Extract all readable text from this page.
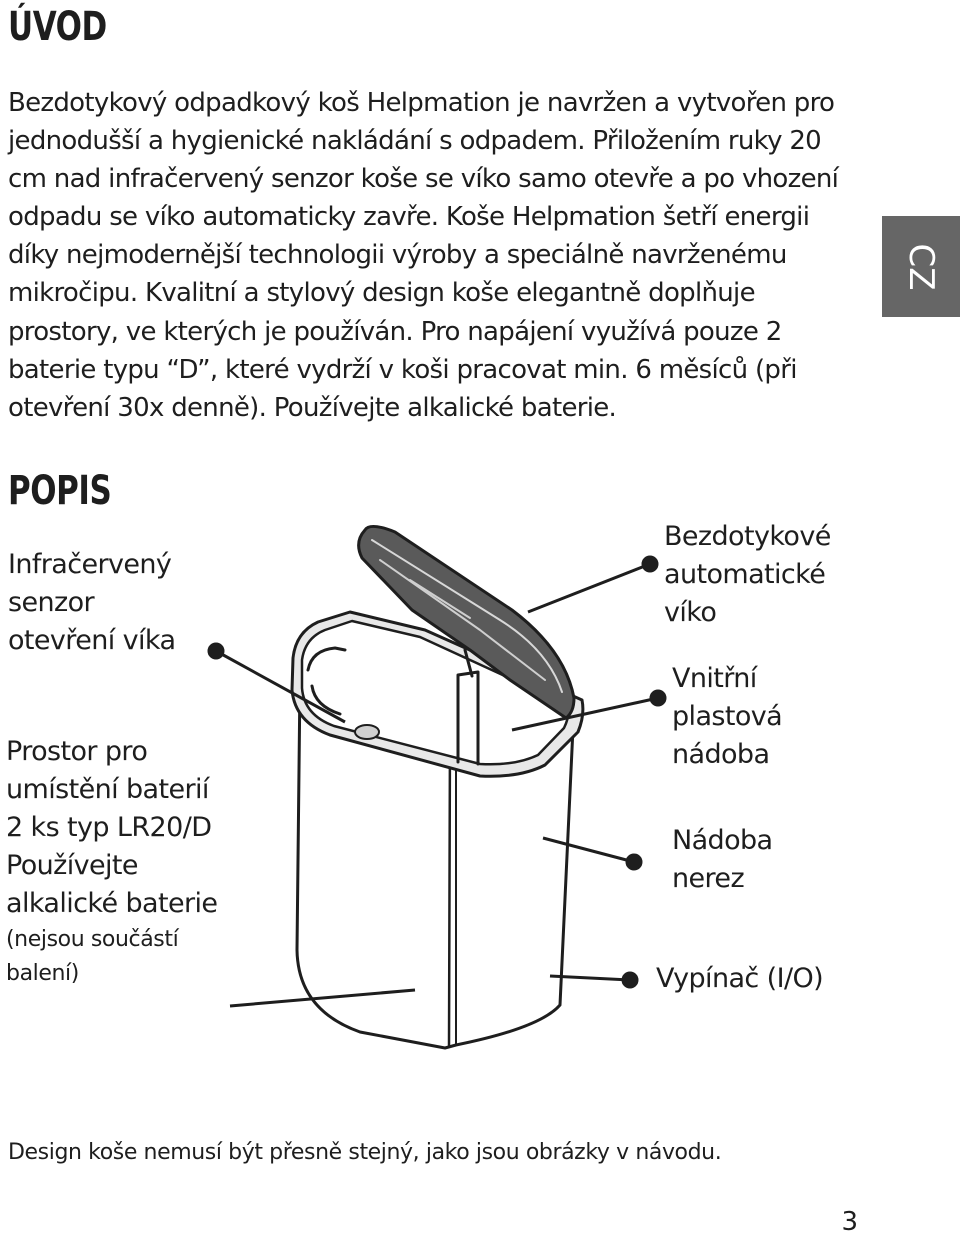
ÚVOD

Bezdotykový odpadkový koš Helpmation je navržen a vytvořen pro jednodušší a hygienické nakládání s odpadem. Přiložením ruky 20 cm nad infračervený senzor koše se víko samo otevře a po vhození odpadu se víko automaticky zavře. Koše Helpmation šetří energii díky nejmodernější technologii výroby a speciálně navrženému mikročipu. Kvalitní a stylový design koše elegantně doplňuje prostory, ve kterých je používán. Pro napájení využívá pouze 2 baterie typu “D”, které vydrží v koši pracovat min. 6 měsíců (při otevření 30x denně). Používejte alkalické baterie.

CZ
POPIS

Infračervený
senzor
otevření víka

Prostor pro
umístění baterií
2 ks typ LR20/D
Používejte
alkalické baterie
(nejsou součástí
balení)

Bezdotykové
automatické
víko

Vnitřní
plastová
nádoba

Nádoba
nerez

Vypínač (I/O)

Design koše nemusí být přesně stejný, jako jsou obrázky v návodu.

3
